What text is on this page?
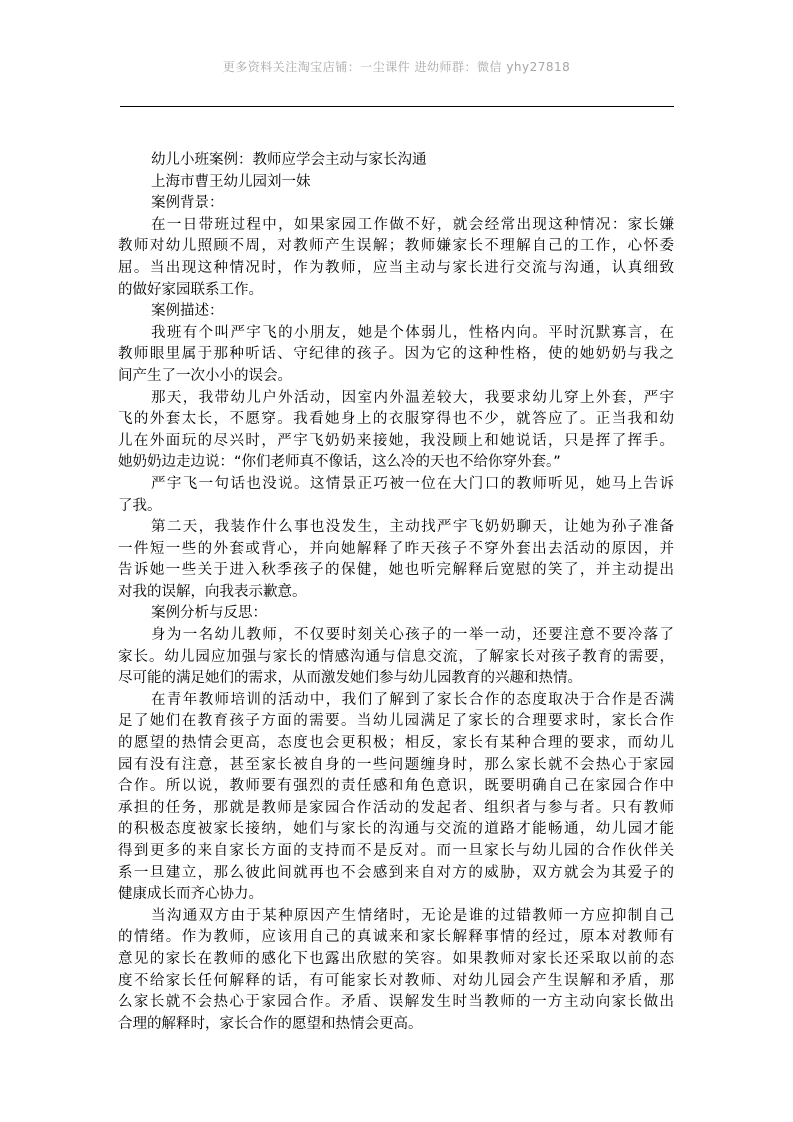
更多资料关注淘宝店铺：一尘课件 进幼师群：微信 yhy27818
幼儿小班案例：教师应学会主动与家长沟通
上海市曹王幼儿园刘一妹
案例背景：
在一日带班过程中，如果家园工作做不好，就会经常出现这种情况：家长嫌
教师对幼儿照顾不周，对教师产生误解；教师嫌家长不理解自己的工作，心怀委
屈。当出现这种情况时，作为教师，应当主动与家长进行交流与沟通，认真细致
的做好家园联系工作。
案例描述：
我班有个叫严宇飞的小朋友，她是个体弱儿，性格内向。平时沉默寡言，在
教师眼里属于那种听话、守纪律的孩子。因为它的这种性格，使的她奶奶与我之
间产生了一次小小的误会。
那天，我带幼儿户外活动，因室内外温差较大，我要求幼儿穿上外套，严宇
飞的外套太长，不愿穿。我看她身上的衣服穿得也不少，就答应了。正当我和幼
儿在外面玩的尽兴时，严宇飞奶奶来接她，我没顾上和她说话，只是挥了挥手。
她奶奶边走边说：“你们老师真不像话，这么冷的天也不给你穿外套。”
严宇飞一句话也没说。这情景正巧被一位在大门口的教师听见，她马上告诉
了我。
第二天，我装作什么事也没发生，主动找严宇飞奶奶聊天，让她为孙子准备
一件短一些的外套或背心，并向她解释了昨天孩子不穿外套出去活动的原因，并
告诉她一些关于进入秋季孩子的保健，她也听完解释后宽慰的笑了，并主动提出
对我的误解，向我表示歉意。
案例分析与反思：
身为一名幼儿教师，不仅要时刻关心孩子的一举一动，还要注意不要冷落了
家长。幼儿园应加强与家长的情感沟通与信息交流，了解家长对孩子教育的需要，
尽可能的满足她们的需求，从而激发她们参与幼儿园教育的兴趣和热情。
在青年教师培训的活动中，我们了解到了家长合作的态度取决于合作是否满
足了她们在教育孩子方面的需要。当幼儿园满足了家长的合理要求时，家长合作
的愿望的热情会更高，态度也会更积极；相反，家长有某种合理的要求，而幼儿
园有没有注意，甚至家长被自身的一些问题缠身时，那么家长就不会热心于家园
合作。所以说，教师要有强烈的责任感和角色意识，既要明确自己在家园合作中
承担的任务，那就是教师是家园合作活动的发起者、组织者与参与者。只有教师
的积极态度被家长接纳，她们与家长的沟通与交流的道路才能畅通，幼儿园才能
得到更多的来自家长方面的支持而不是反对。而一旦家长与幼儿园的合作伙伴关
系一旦建立，那么彼此间就再也不会感到来自对方的威胁，双方就会为其爱子的
健康成长而齐心协力。
当沟通双方由于某种原因产生情绪时，无论是谁的过错教师一方应抑制自己
的情绪。作为教师，应该用自己的真诚来和家长解释事情的经过，原本对教师有
意见的家长在教师的感化下也露出欣慰的笑容。如果教师对家长还采取以前的态
度不给家长任何解释的话，有可能家长对教师、对幼儿园会产生误解和矛盾，那
么家长就不会热心于家园合作。矛盾、误解发生时当教师的一方主动向家长做出
合理的解释时，家长合作的愿望和热情会更高。
